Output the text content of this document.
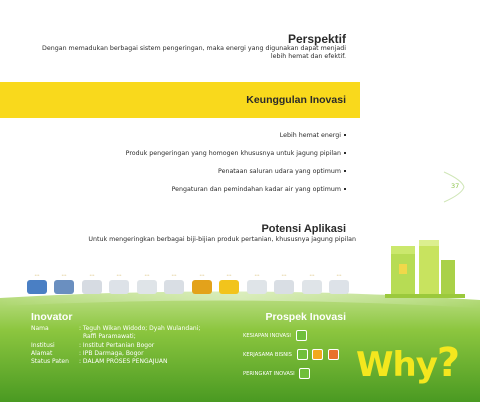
Perspektif
Dengan memadukan berbagai sistem pengeringan, maka energi yang digunakan dapat menjadi
lebih hemat dan efektif.
Keunggulan Inovasi
Lebih hemat energi
Produk pengeringan yang homogen khususnya untuk jagung pipilan
Penataan saluran udara yang optimum
Pengaturan dan pemindahan kadar air yang optimum	37
Potensi Aplikasi
Untuk mengeringkan berbagai biji-bijian produk pertanian, khususnya jagung pipilan
•••	•••	•••	•••	•••	•••	•••	•••	•••	•••	•••	•••
Inovator
Nama	: Teguh Wikan Widodo; Dyah Wulandani;
	Raffi Paramawati;
Institusi	: Institut Pertanian Bogor
Alamat	: IPB Darmaga, Bogor
Status Paten	: DALAM PROSES PENGAJUAN
Prospek Inovasi
KESIAPAN INOVASI
KERJASAMA BISNIS
PERINGKAT INOVASI	Why?
